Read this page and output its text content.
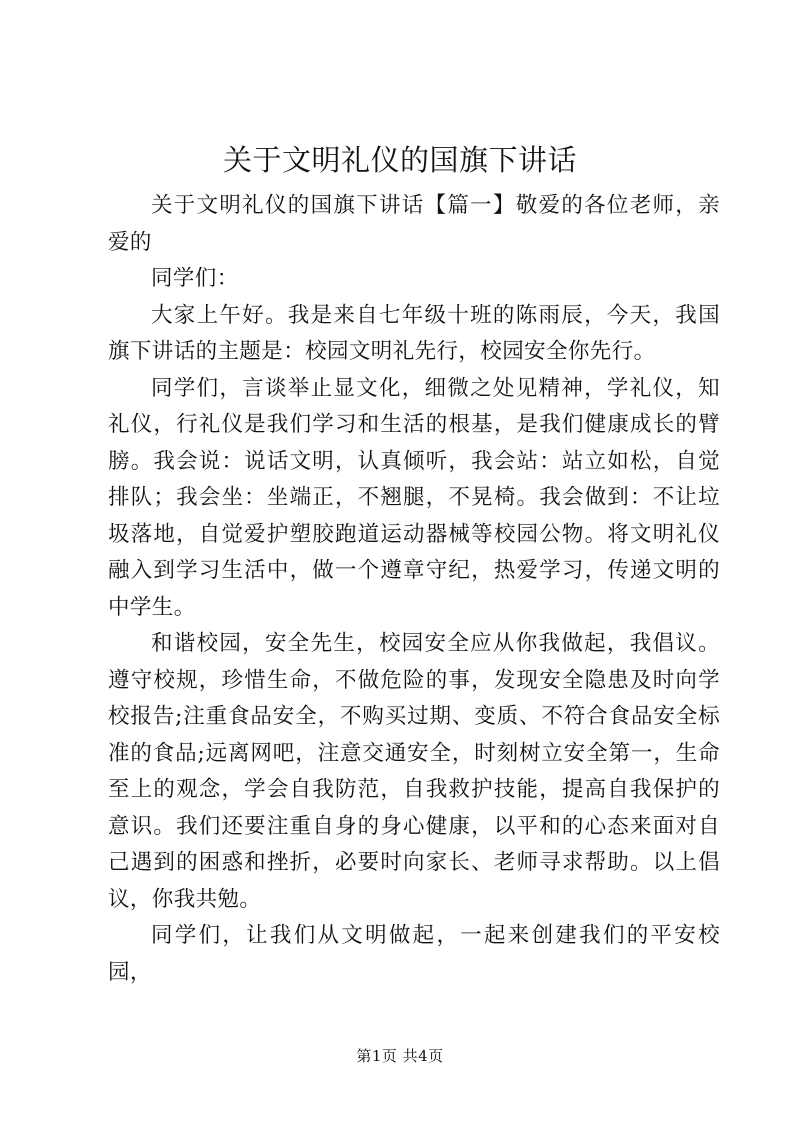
关于文明礼仪的国旗下讲话

关于文明礼仪的国旗下讲话【篇一】敬爱的各位老师，亲爱的

同学们：

大家上午好。我是来自七年级十班的陈雨辰，今天，我国旗下讲话的主题是：校园文明礼先行，校园安全你先行。

同学们，言谈举止显文化，细微之处见精神，学礼仪，知礼仪，行礼仪是我们学习和生活的根基，是我们健康成长的臂膀。我会说：说话文明，认真倾听，我会站：站立如松，自觉排队；我会坐：坐端正，不翘腿，不晃椅。我会做到：不让垃圾落地，自觉爱护塑胶跑道运动器械等校园公物。将文明礼仪融入到学习生活中，做一个遵章守纪，热爱学习，传递文明的中学生。

和谐校园，安全先生，校园安全应从你我做起，我倡议。遵守校规，珍惜生命，不做危险的事，发现安全隐患及时向学校报告;注重食品安全，不购买过期、变质、不符合食品安全标准的食品;远离网吧，注意交通安全，时刻树立安全第一，生命至上的观念，学会自我防范，自我救护技能，提高自我保护的意识。我们还要注重自身的身心健康，以平和的心态来面对自己遇到的困惑和挫折，必要时向家长、老师寻求帮助。以上倡议，你我共勉。

同学们，让我们从文明做起，一起来创建我们的平安校园，

第1页 共4页
